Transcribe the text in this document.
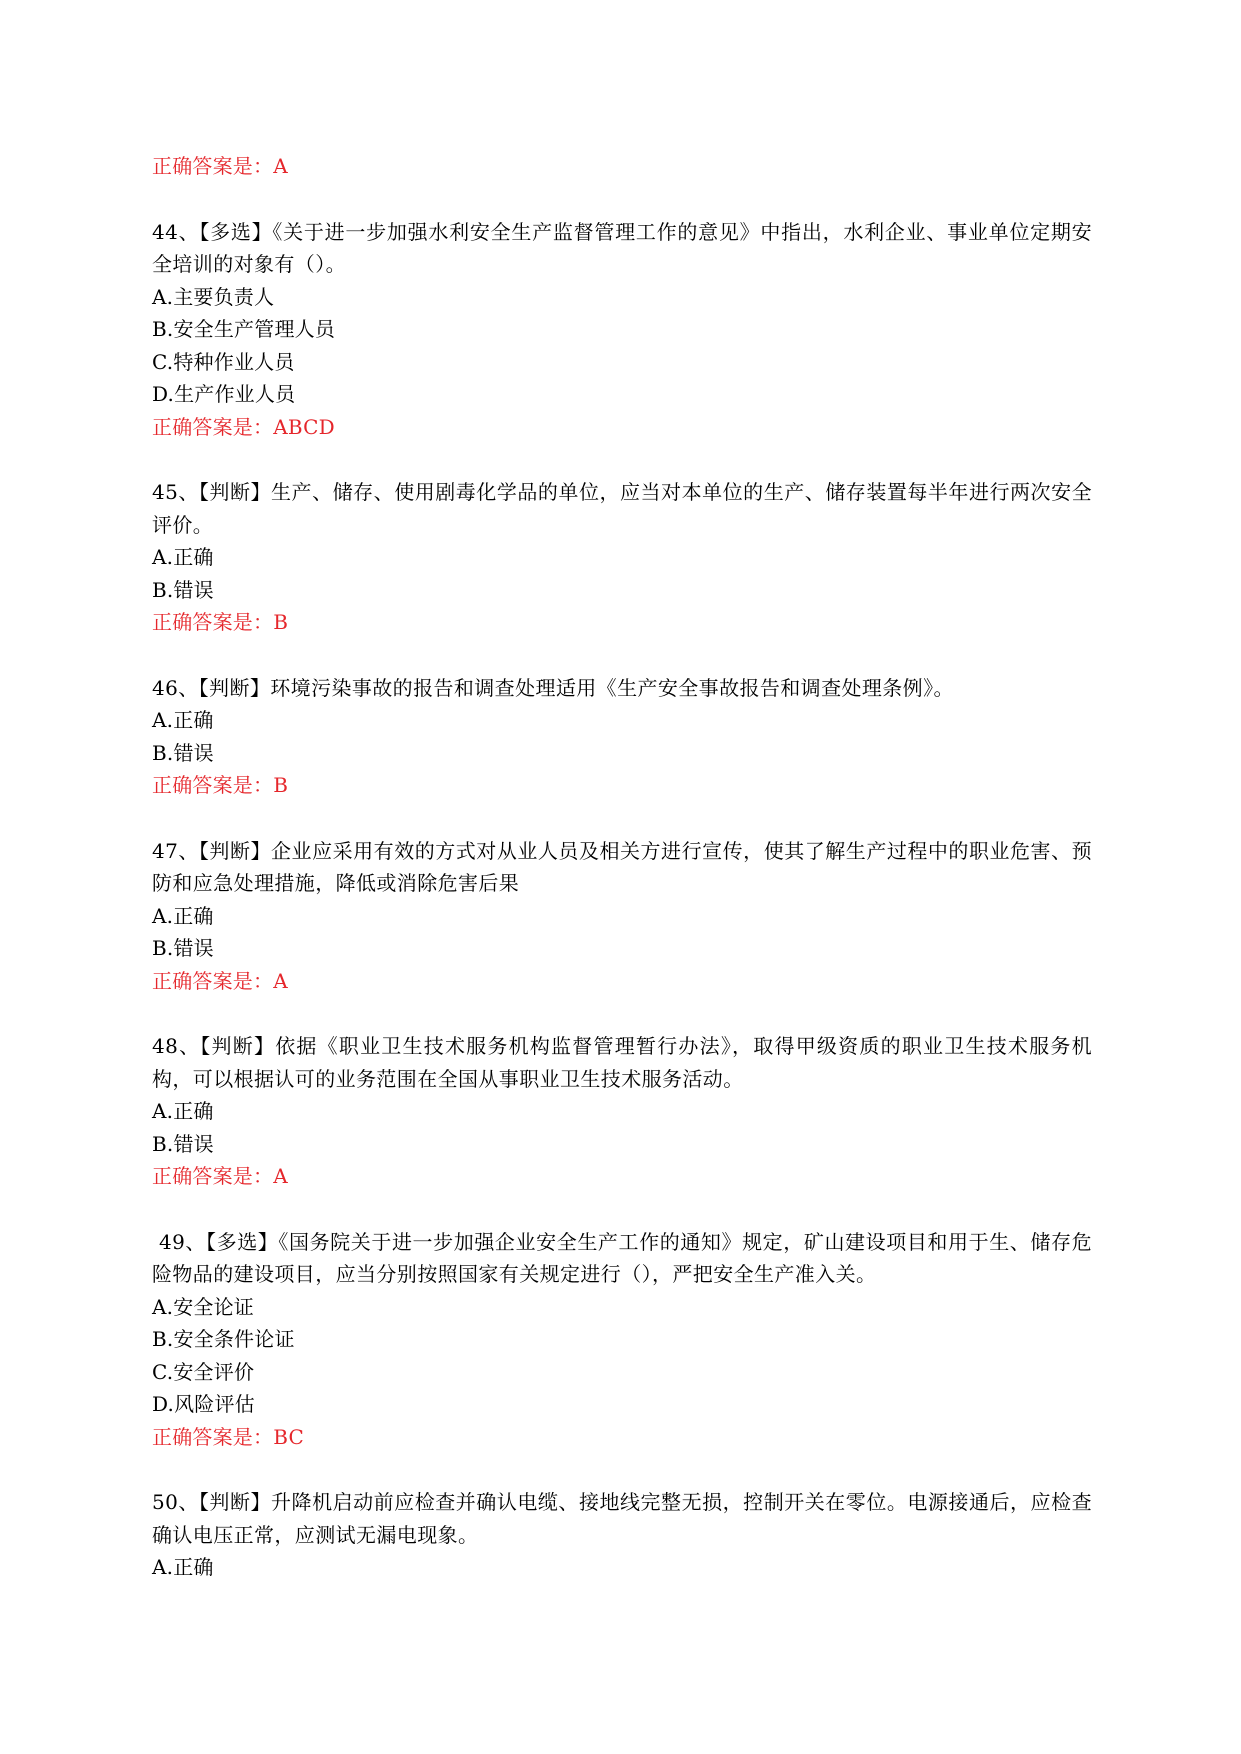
正确答案是：A
44、【多选】《关于进一步加强水利安全生产监督管理工作的意见》中指出，水利企业、事业单位定期安全培训的对象有（）。
A.主要负责人
B.安全生产管理人员
C.特种作业人员
D.生产作业人员
正确答案是：ABCD
45、【判断】生产、储存、使用剧毒化学品的单位，应当对本单位的生产、储存装置每半年进行两次安全评价。
A.正确
B.错误
正确答案是：B
46、【判断】环境污染事故的报告和调查处理适用《生产安全事故报告和调查处理条例》。
A.正确
B.错误
正确答案是：B
47、【判断】企业应采用有效的方式对从业人员及相关方进行宣传，使其了解生产过程中的职业危害、预防和应急处理措施，降低或消除危害后果
A.正确
B.错误
正确答案是：A
48、【判断】依据《职业卫生技术服务机构监督管理暂行办法》，取得甲级资质的职业卫生技术服务机构，可以根据认可的业务范围在全国从事职业卫生技术服务活动。
A.正确
B.错误
正确答案是：A
49、【多选】《国务院关于进一步加强企业安全生产工作的通知》规定，矿山建设项目和用于生、储存危险物品的建设项目，应当分别按照国家有关规定进行（），严把安全生产准入关。
A.安全论证
B.安全条件论证
C.安全评价
D.风险评估
正确答案是：BC
50、【判断】升降机启动前应检查并确认电缆、接地线完整无损，控制开关在零位。电源接通后，应检查确认电压正常，应测试无漏电现象。
A.正确
